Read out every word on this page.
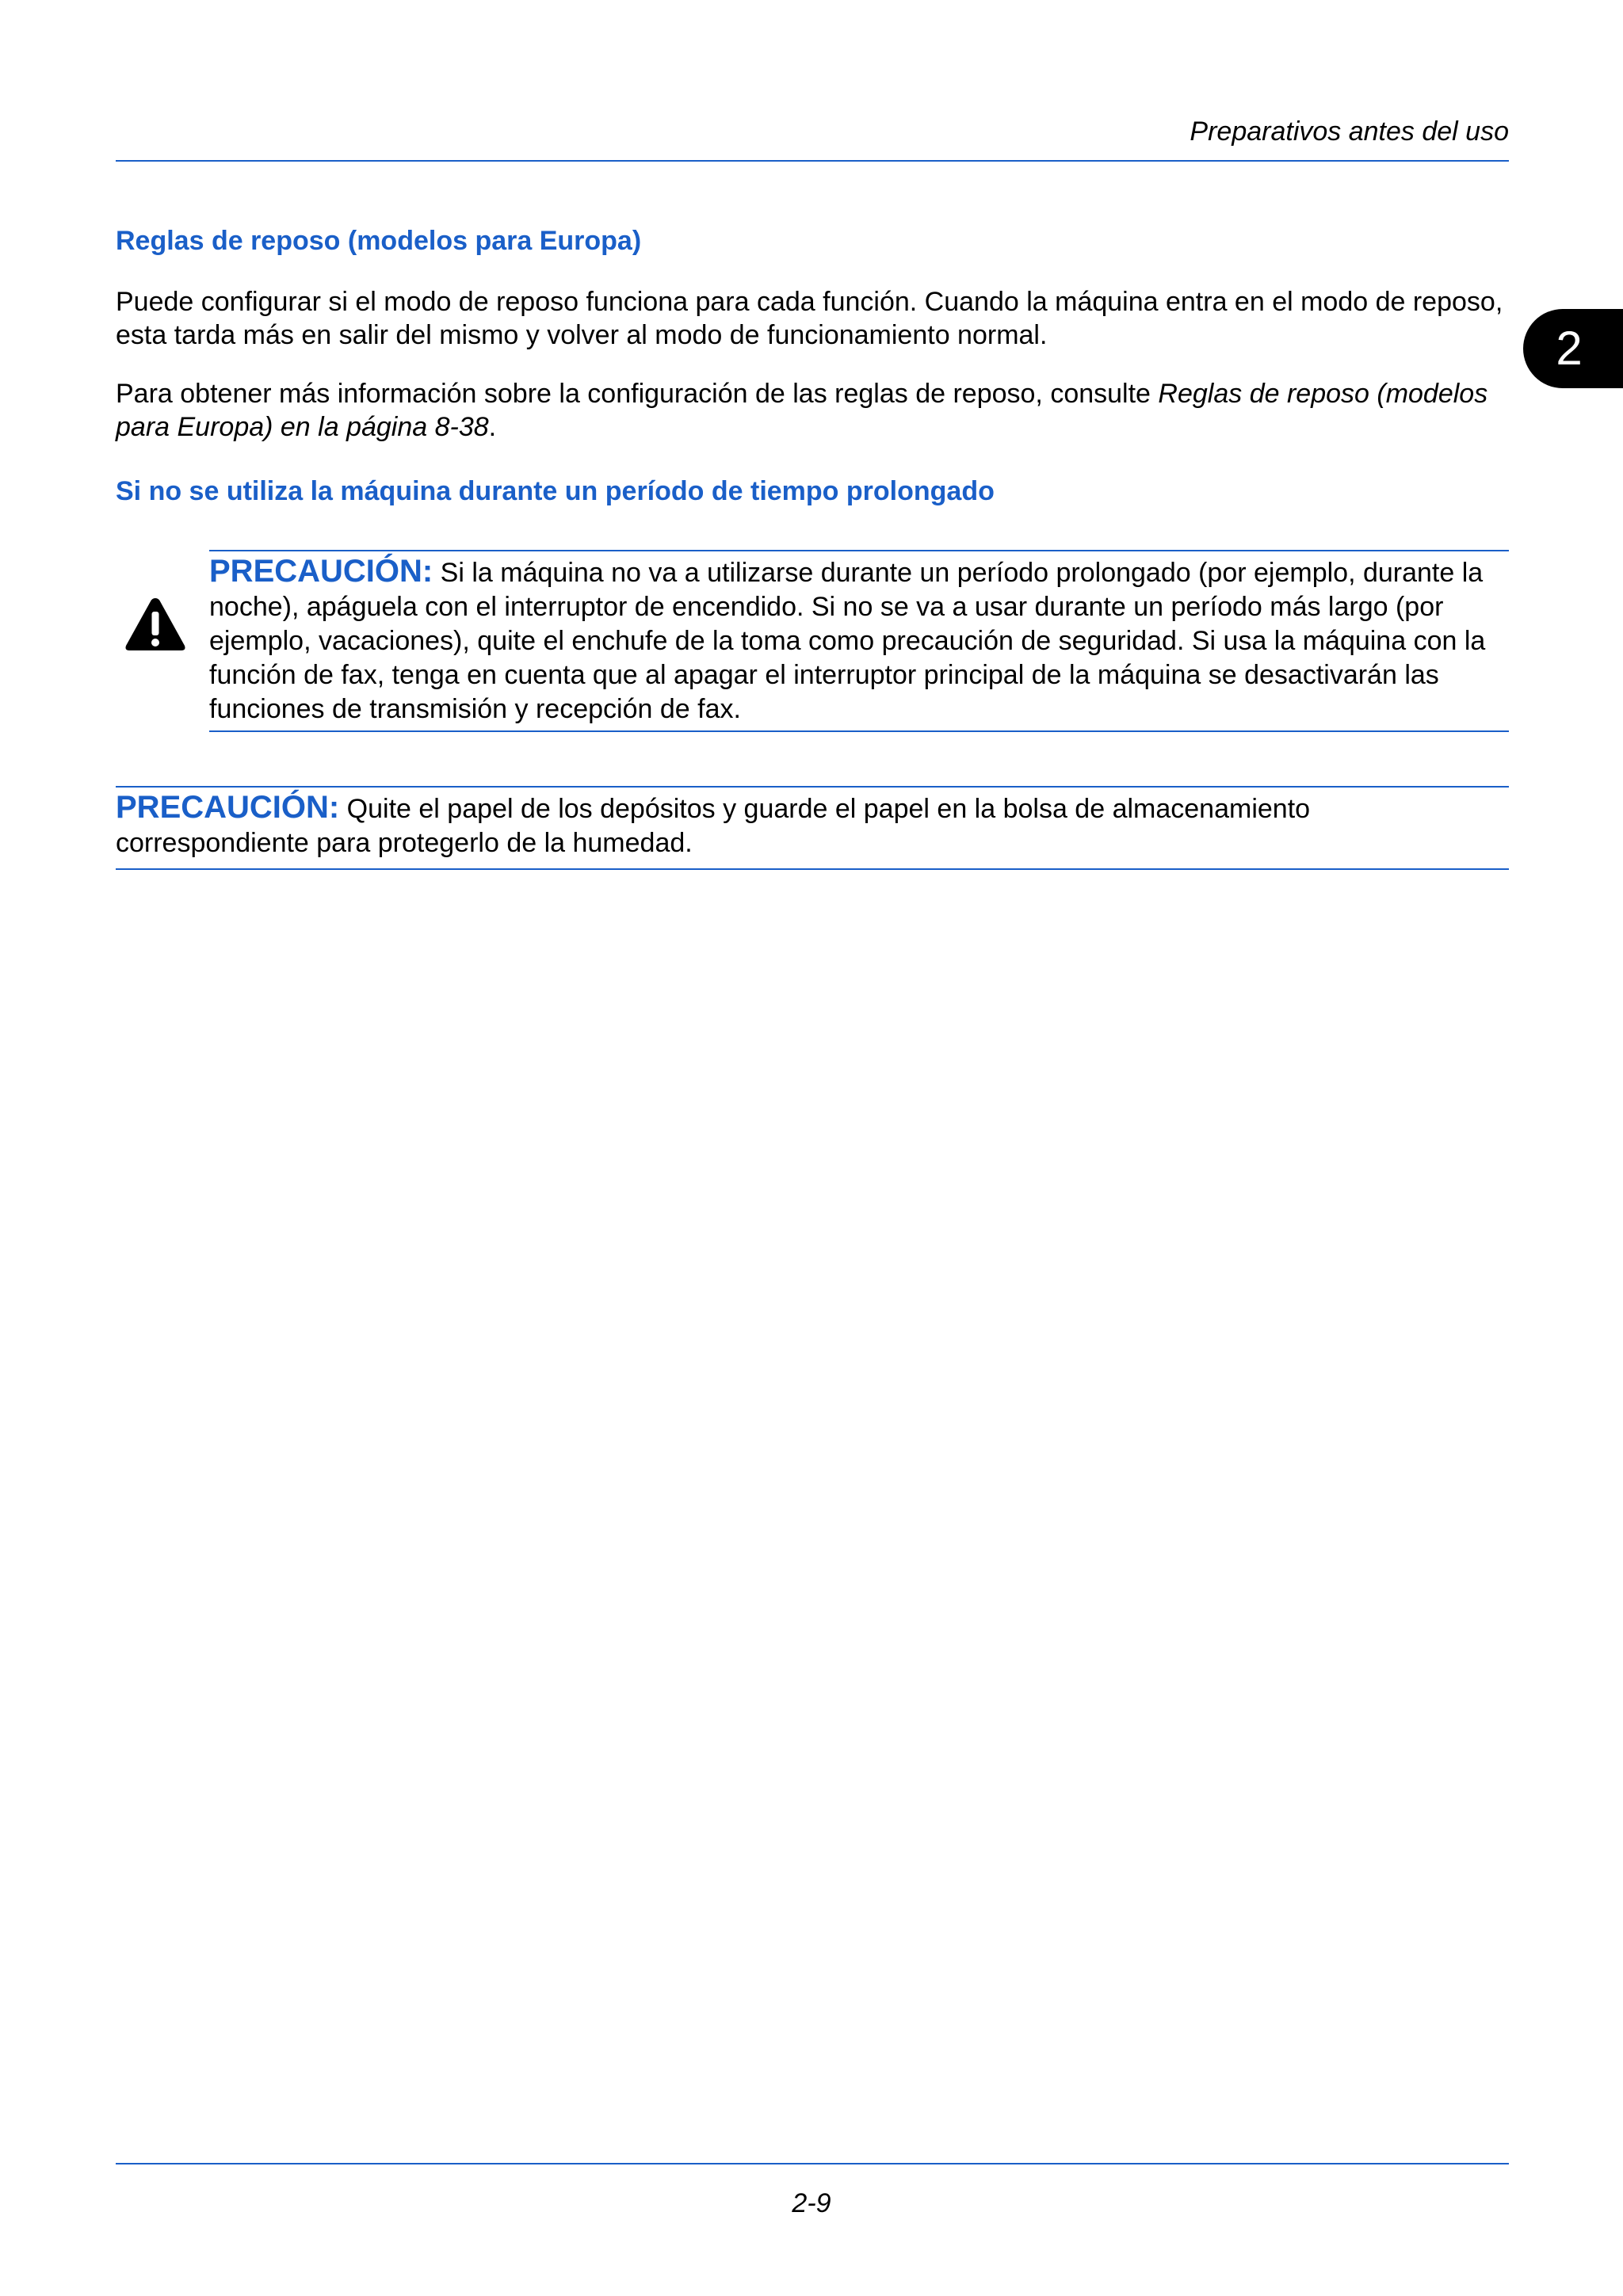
Preparativos antes del uso
2
Reglas de reposo (modelos para Europa)

Puede configurar si el modo de reposo funciona para cada función. Cuando la máquina entra en el modo de reposo, esta tarda más en salir del mismo y volver al modo de funcionamiento normal.

Para obtener más información sobre la configuración de las reglas de reposo, consulte Reglas de reposo (modelos para Europa) en la página 8-38.

Si no se utiliza la máquina durante un período de tiempo prolongado

PRECAUCIÓN: Si la máquina no va a utilizarse durante un período prolongado (por ejemplo, durante la noche), apáguela con el interruptor de encendido. Si no se va a usar durante un período más largo (por ejemplo, vacaciones), quite el enchufe de la toma como precaución de seguridad. Si usa la máquina con la función de fax, tenga en cuenta que al apagar el interruptor principal de la máquina se desactivarán las funciones de transmisión y recepción de fax.

PRECAUCIÓN: Quite el papel de los depósitos y guarde el papel en la bolsa de almacenamiento correspondiente para protegerlo de la humedad.

2-9
